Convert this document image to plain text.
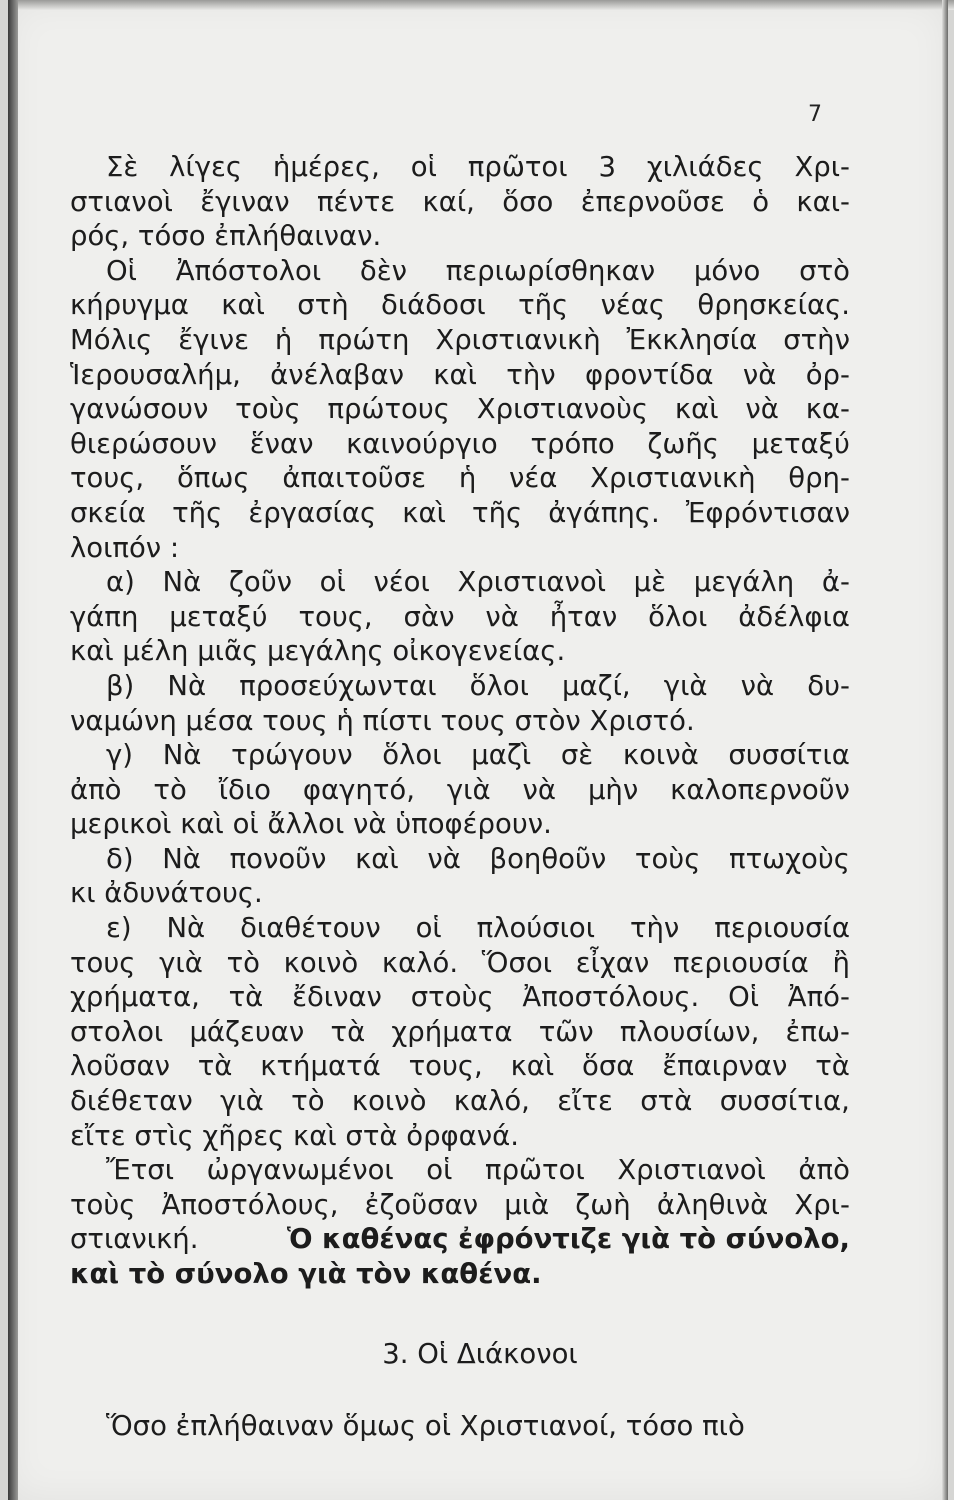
7
Σὲ λίγες ἡμέρες, οἱ πρῶτοι 3 χιλιάδες Χρι-
στιανοὶ ἔγιναν πέντε καί, ὅσο ἐπερνοῦσε ὁ και-
ρός, τόσο ἐπλήθαιναν.
Οἱ Ἀπόστολοι δὲν περιωρίσθηκαν μόνο στὸ
κήρυγμα καὶ στὴ διάδοσι τῆς νέας θρησκείας.
Μόλις ἔγινε ἡ πρώτη Χριστιανικὴ Ἐκκλησία στὴν
Ἱερουσαλήμ, ἀνέλαβαν καὶ τὴν φροντίδα νὰ ὀρ-
γανώσουν τοὺς πρώτους Χριστιανοὺς καὶ νὰ κα-
θιερώσουν ἕναν καινούργιο τρόπο ζωῆς μεταξύ
τους, ὅπως ἀπαιτοῦσε ἡ νέα Χριστιανικὴ θρη-
σκεία τῆς ἐργασίας καὶ τῆς ἀγάπης. Ἐφρόντισαν
λοιπόν :
α) Νὰ ζοῦν οἱ νέοι Χριστιανοὶ μὲ μεγάλη ἀ-
γάπη μεταξύ τους, σὰν νὰ ἦταν ὅλοι ἀδέλφια
καὶ μέλη μιᾶς μεγάλης οἰκογενείας.
β) Νὰ προσεύχωνται ὅλοι μαζί, γιὰ νὰ δυ-
ναμώνη μέσα τους ἡ πίστι τους στὸν Χριστό.
γ) Νὰ τρώγουν ὅλοι μαζὶ σὲ κοινὰ συσσίτια
ἀπὸ τὸ ἴδιο φαγητό, γιὰ νὰ μὴν καλοπερνοῦν
μερικοὶ καὶ οἱ ἄλλοι νὰ ὑποφέρουν.
δ) Νὰ πονοῦν καὶ νὰ βοηθοῦν τοὺς πτωχοὺς
κι ἀδυνάτους.
ε) Νὰ διαθέτουν οἱ πλούσιοι τὴν περιουσία
τους γιὰ τὸ κοινὸ καλό. Ὅσοι εἶχαν περιουσία ἢ
χρήματα, τὰ ἔδιναν στοὺς Ἀποστόλους. Οἱ Ἀπό-
στολοι μάζευαν τὰ χρήματα τῶν πλουσίων, ἐπω-
λοῦσαν τὰ κτήματά τους, καὶ ὅσα ἔπαιρναν τὰ
διέθεταν γιὰ τὸ κοινὸ καλό, εἴτε στὰ συσσίτια,
εἴτε στὶς χῆρες καὶ στὰ ὀρφανά.
Ἔτσι ὠργανωμένοι οἱ πρῶτοι Χριστιανοὶ ἀπὸ
τοὺς Ἀποστόλους, ἐζοῦσαν μιὰ ζωὴ ἀληθινὰ Χρι-
στιανική.	Ὁ καθένας ἐφρόντιζε γιὰ τὸ σύνολο,
καὶ τὸ σύνολο γιὰ τὸν καθένα.
3. Οἱ Διάκονοι
Ὅσο ἐπλήθαιναν ὅμως οἱ Χριστιανοί, τόσο πιὸ
